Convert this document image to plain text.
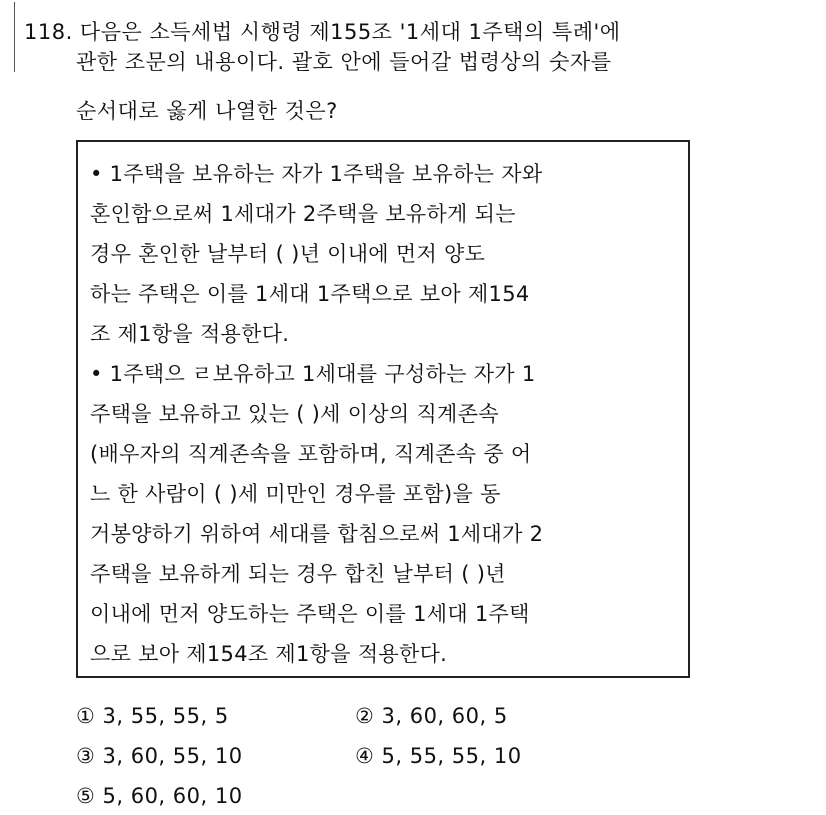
118. 다음은 소득세법 시행령 제155조 '1세대 1주택의 특례'에
관한 조문의 내용이다. 괄호 안에 들어갈 법령상의 숫자를
순서대로 옳게 나열한 것은?
• 1주택을 보유하는 자가 1주택을 보유하는 자와
혼인함으로써 1세대가 2주택을 보유하게 되는
경우 혼인한 날부터 ( )년 이내에 먼저 양도
하는 주택은 이를 1세대 1주택으로 보아 제154
조 제1항을 적용한다.
• 1주택으 ㄹ보유하고 1세대를 구성하는 자가 1
주택을 보유하고 있는 ( )세 이상의 직계존속
(배우자의 직계존속을 포함하며, 직계존속 중 어
느 한 사람이 ( )세 미만인 경우를 포함)을 동
거봉양하기 위하여 세대를 합침으로써 1세대가 2
주택을 보유하게 되는 경우 합친 날부터 ( )년
이내에 먼저 양도하는 주택은 이를 1세대 1주택
으로 보아 제154조 제1항을 적용한다.
① 3, 55, 55, 5	② 3, 60, 60, 5
③ 3, 60, 55, 10	④ 5, 55, 55, 10
⑤ 5, 60, 60, 10
